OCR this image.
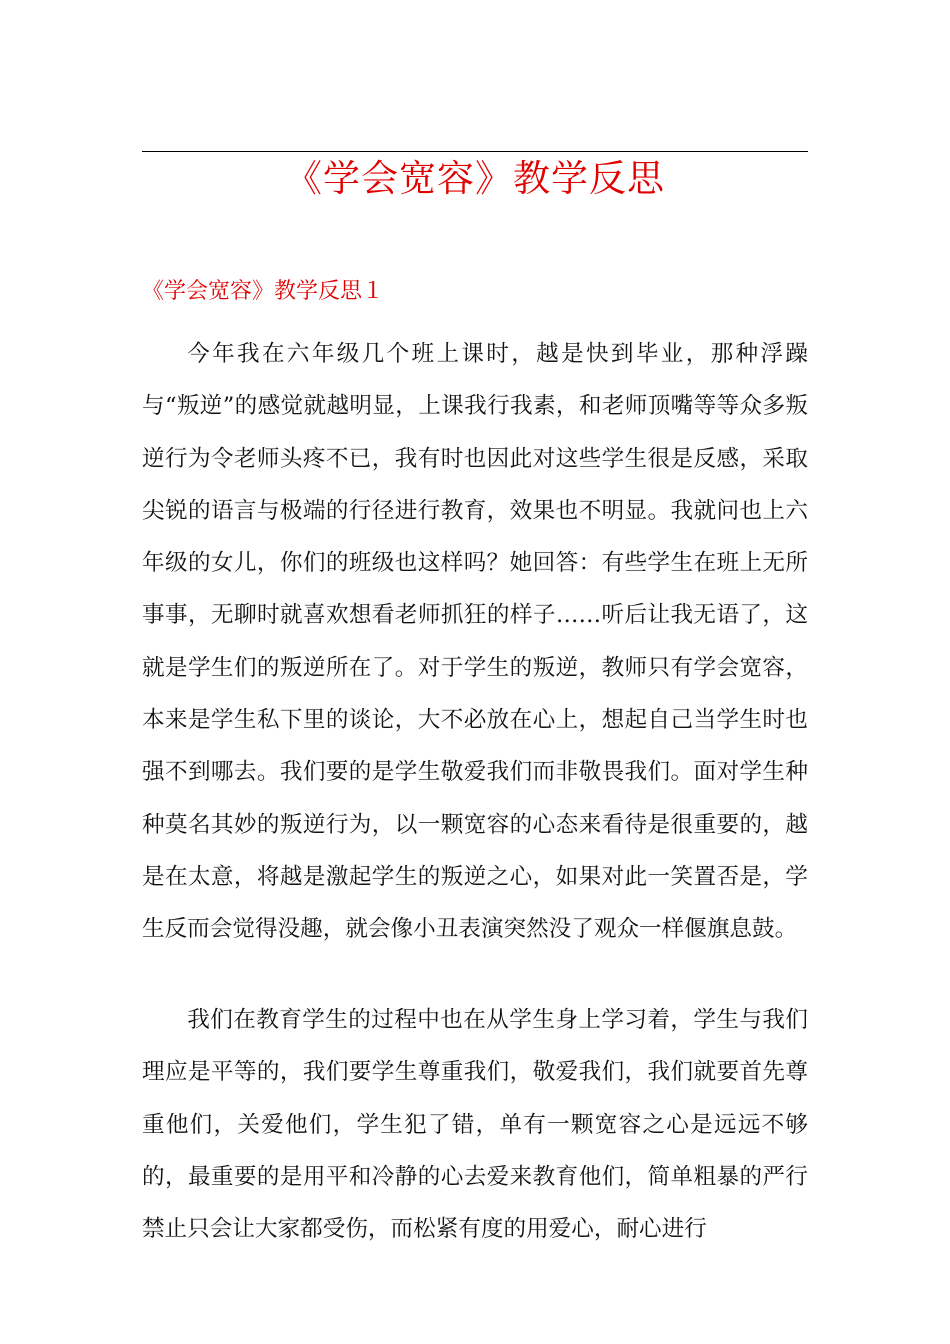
《学会宽容》教学反思
《学会宽容》教学反思１

今年我在六年级几个班上课时，越是快到毕业，那种浮躁与“叛逆”的感觉就越明显，上课我行我素，和老师顶嘴等等众多叛逆行为令老师头疼不已，我有时也因此对这些学生很是反感，采取尖锐的语言与极端的行径进行教育，效果也不明显。我就问也上六年级的女儿，你们的班级也这样吗？她回答：有些学生在班上无所事事，无聊时就喜欢想看老师抓狂的样子……听后让我无语了，这就是学生们的叛逆所在了。对于学生的叛逆，教师只有学会宽容，本来是学生私下里的谈论，大不必放在心上，想起自己当学生时也强不到哪去。我们要的是学生敬爱我们而非敬畏我们。面对学生种种莫名其妙的叛逆行为，以一颗宽容的心态来看待是很重要的，越是在太意，将越是激起学生的叛逆之心，如果对此一笑置否是，学生反而会觉得没趣，就会像小丑表演突然没了观众一样偃旗息鼓。

我们在教育学生的过程中也在从学生身上学习着，学生与我们理应是平等的，我们要学生尊重我们，敬爱我们，我们就要首先尊重他们，关爱他们，学生犯了错，单有一颗宽容之心是远远不够的，最重要的是用平和冷静的心去爱来教育他们，简单粗暴的严行禁止只会让大家都受伤，而松紧有度的用爱心，耐心进行
